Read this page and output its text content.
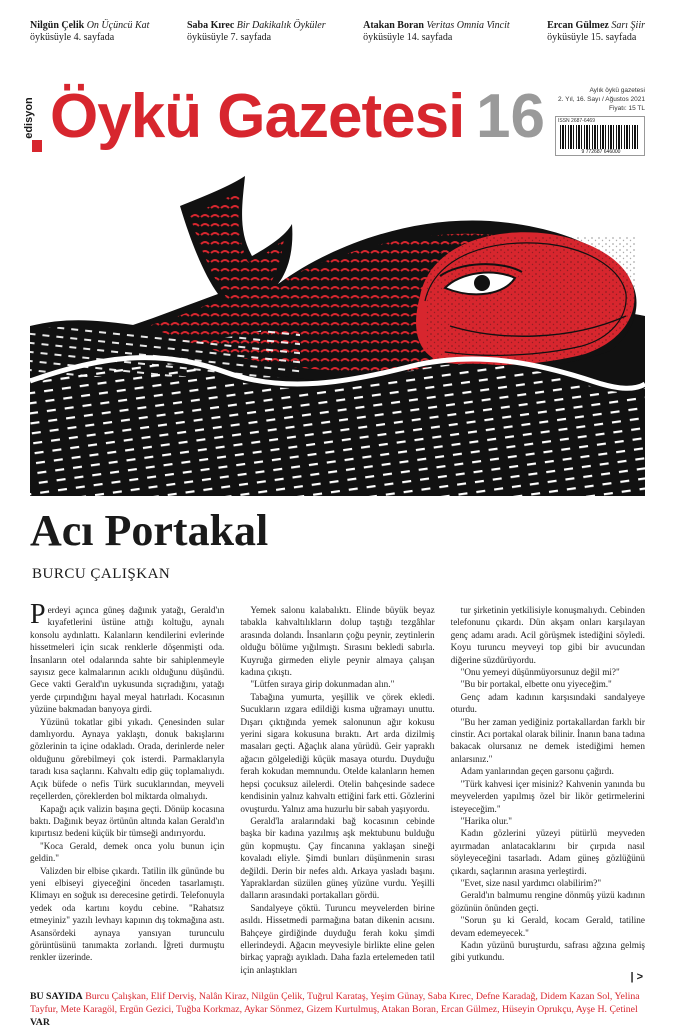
Nilgün Çelik On Üçüncü Kat
öyküsüyle 4. sayfada
Saba Kırec Bir Dakikalık Öyküler
öyküsüyle 7. sayfada
Atakan Boran Veritas Omnia Vincit
öyküsüyle 14. sayfada
Ercan Gülmez Sarı Şiir
öyküsüyle 15. sayfada
edisyon Öykü Gazetesi 16	Aylık öykü gazetesi
2. Yıl, 16. Sayı / Ağustos 2021
Fiyatı: 15 TL
ISSN 2687-6469
9 772687 646000
Acı Portakal
BURCU ÇALIŞKAN

Perdeyi açınca güneş dağınık yatağı, Gerald'ın kıyafetlerini üstüne attığı koltuğu, aynalı konsolu aydınlattı. Kalanların kendilerini evlerinde hissetmeleri için sıcak renklerle döşenmişti oda. İnsanların otel odalarında sahte bir sahiplenmeyle sayısız gece kalmalarının acıklı olduğunu düşündü. Gece vakti Gerald'ın uykusunda sıçradığını, yatağı yerde çırpındığını hayal meyal hatırladı. Kocasının yüzüne bakmadan banyoya girdi.

Yüzünü tokatlar gibi yıkadı. Çenesinden sular damlıyordu. Aynaya yaklaştı, donuk bakışlarını gözlerinin ta içine odakladı. Orada, derinlerde neler olduğunu görebilmeyi çok isterdi. Parmaklarıyla taradı kısa saçlarını. Kahvaltı edip güç toplamalıydı. Açık büfede o nefis Türk sucuklarından, meyveli reçellerden, çöreklerden bol miktarda olmalıydı.

Kapağı açık valizin başına geçti. Dönüp kocasına baktı. Dağınık beyaz örtünün altında kalan Gerald'ın kıpırtısız bedeni küçük bir tümseği andırıyordu.

"Koca Gerald, demek onca yolu bunun için geldin."

Valizden bir elbise çıkardı. Tatilin ilk gününde bu yeni elbiseyi giyeceğini önceden tasarlamıştı. Klimayı en soğuk ısı derecesine getirdi. Telefonuyla yedek oda kartını koydu cebine. "Rahatsız etmeyiniz" yazılı levhayı kapının dış tokmağına astı. Asansördeki aynaya yansıyan turunculu görüntüsünü tanımakta zorlandı. İğreti durmuştu renkler üzerinde.

Yemek salonu kalabalıktı. Elinde büyük beyaz tabakla kahvaltılıkların dolup taştığı tezgâhlar arasında dolandı. İnsanların çoğu peynir, zeytinlerin olduğu bölüme yığılmıştı. Sırasını bekledi sabırla. Kuyruğa girmeden eliyle peynir almaya çalışan kadına çıkıştı.

"Lütfen sıraya girip dokunmadan alın."

Tabağına yumurta, yeşillik ve çörek ekledi. Sucukların ızgara edildiği kısma uğramayı unuttu. Dışarı çıktığında yemek salonunun ağır kokusu yerini sigara kokusuna bıraktı. Art arda dizilmiş masaları geçti. Ağaçlık alana yürüdü. Geir yapraklı ağacın gölgelediği küçük masaya oturdu. Duyduğu ferah kokudan memnundu. Otelde kalanların hemen hepsi çocuksuz ailelerdi. Otelin bahçesinde sadece kendisinin yalnız kahvaltı ettiğini fark etti. Gözlerini ovuşturdu. Yalnız ama huzurlu bir sabah yaşıyordu.

Gerald'la aralarındaki bağ kocasının cebinde başka bir kadına yazılmış aşk mektubunu bulduğu gün kopmuştu. Çay fincanına yaklaşan sineği kovaladı eliyle. Şimdi bunları düşünmenin sırası değildi. Derin bir nefes aldı. Arkaya yasladı başını. Yapraklardan süzülen güneş yüzüne vurdu. Yeşilli dalların arasındaki portakalları gördü.

Sandalyeye çöktü. Turuncu meyvelerden birine asıldı. Hissetmedi parmağına batan dikenin acısını. Bahçeye girdiğinde duyduğu ferah koku şimdi ellerindeydi. Ağacın meyvesiyle birlikte eline gelen birkaç yaprağı ayıkladı. Daha fazla ertelemeden tatil için anlaştıkları

tur şirketinin yetkilisiyle konuşmalıydı. Cebinden telefonunu çıkardı. Dün akşam onları karşılayan genç adamı aradı. Acil görüşmek istediğini söyledi. Koyu turuncu meyveyi top gibi bir avucundan diğerine süzdürüyordu.

"Onu yemeyi düşünmüyorsunuz değil mi?"

"Bu bir portakal, elbette onu yiyeceğim."

Genç adam kadının karşısındaki sandalyeye oturdu.

"Bu her zaman yediğiniz portakallardan farklı bir cinstir. Acı portakal olarak bilinir. İnanın bana tadına bakacak olursanız ne demek istediğimi hemen anlarsınız."

Adam yanlarından geçen garsonu çağırdı.

"Türk kahvesi içer misiniz? Kahvenin yanında bu meyvelerden yapılmış özel bir likör getirmelerini isteyeceğim."

"Harika olur."

Kadın gözlerini yüzeyi pütürlü meyveden ayırmadan anlatacaklarını bir çırpıda nasıl söyleyeceğini tasarladı. Adam güneş gözlüğünü çıkardı, saçlarının arasına yerleştirdi.

"Evet, size nasıl yardımcı olabilirim?"

Gerald'ın balmumu rengine dönmüş yüzü kadının gözünün önünden geçti.

"Sorun şu ki Gerald, kocam Gerald, tatiline devam edemeyecek."

Kadın yüzünü buruşturdu, safrası ağzına gelmiş gibi yutkundu.

| >
BU SAYIDA Burcu Çalışkan, Elif Derviş, Nalân Kiraz, Nilgün Çelik, Tuğrul Karataş, Yeşim Günay, Saba Kırec, Defne Karadağ, Didem Kazan Sol, Yelina Tayfur, Mete Karagöl, Ergün Gezici, Tuğba Korkmaz, Aykar Sönmez, Gizem Kurtulmuş, Atakan Boran, Ercan Gülmez, Hüseyin Oprukçu, Ayşe H. Çetinel VAR
